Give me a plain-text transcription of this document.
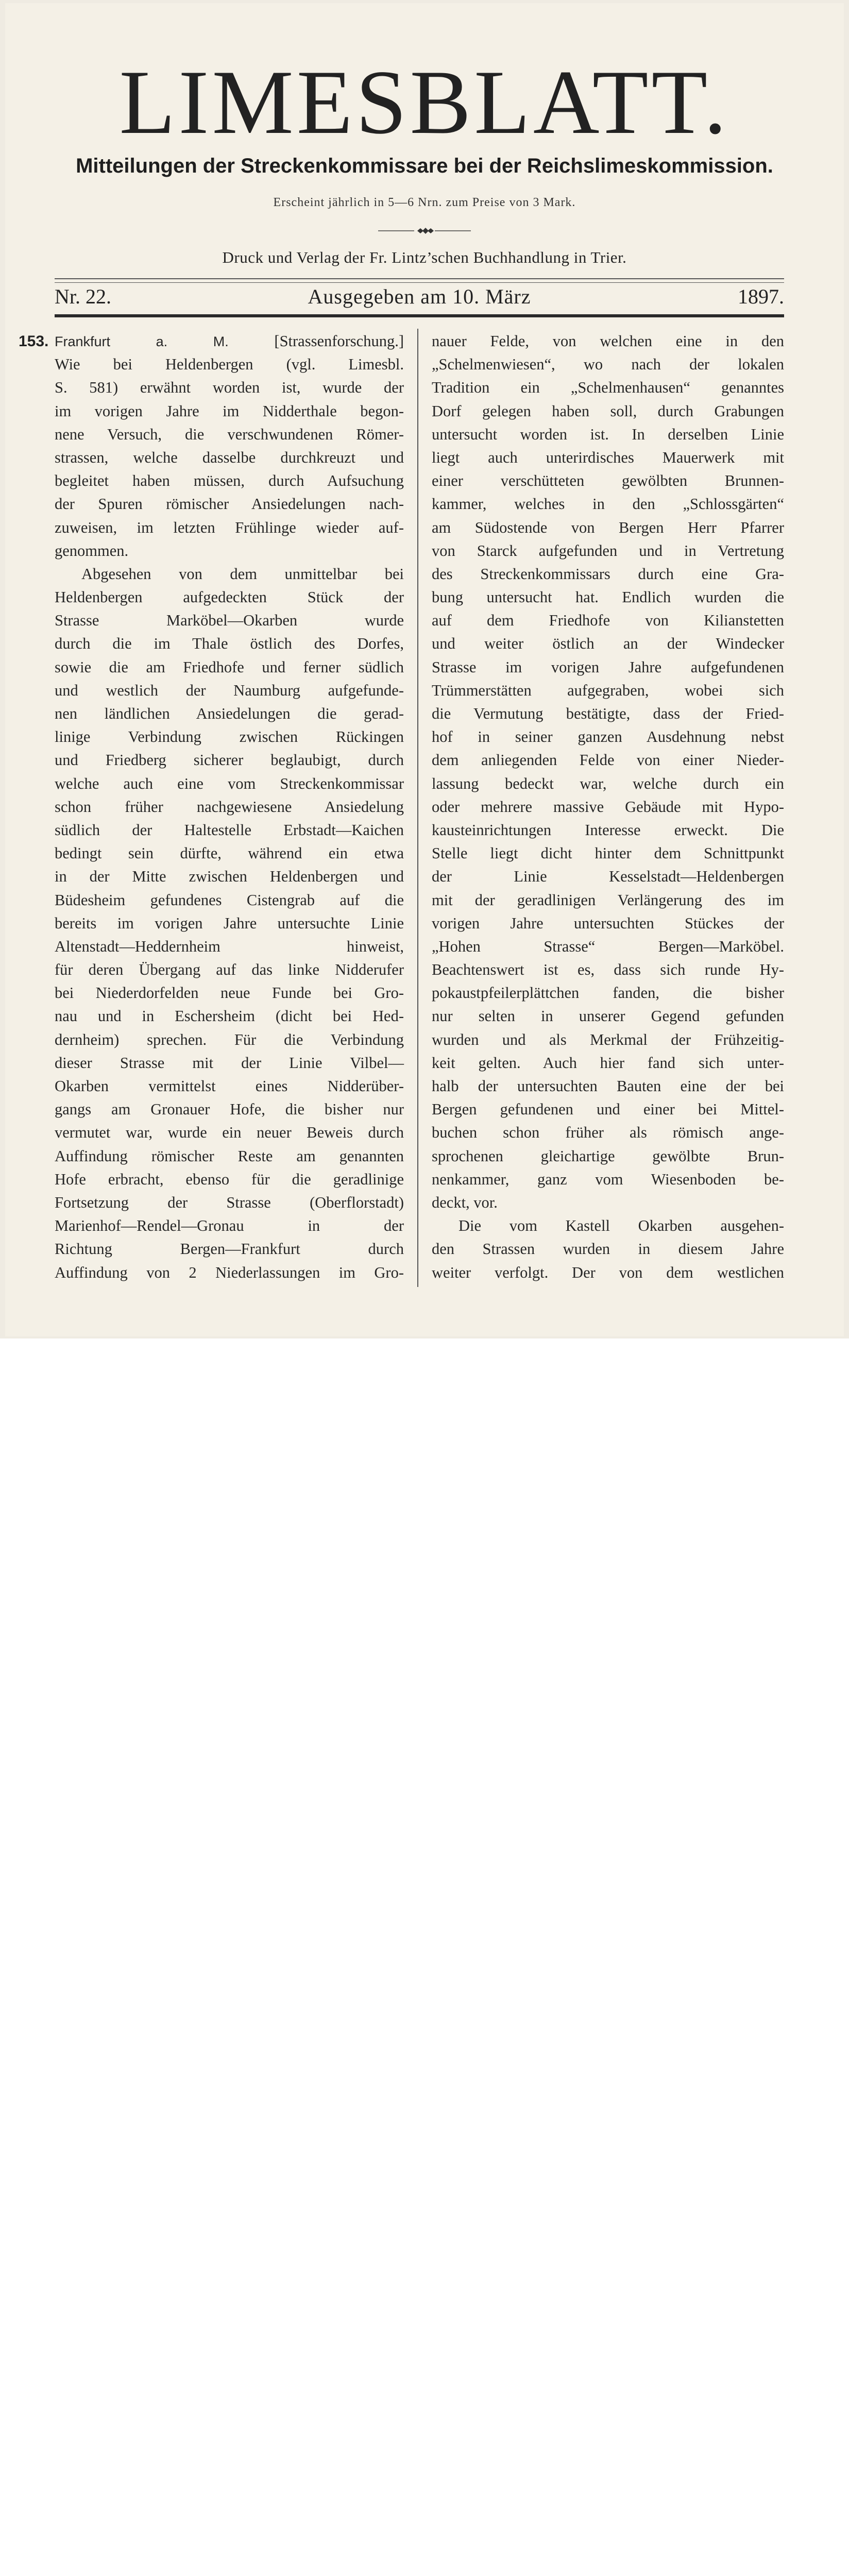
LIMESBLATT.
Mitteilungen der Streckenkommissare bei der Reichslimeskommission.
Erscheint jährlich in 5—6 Nrn. zum Preise von 3 Mark.
Druck und Verlag der Fr. Lintz’schen Buchhandlung in Trier.
Ausgegeben am 10. März
Nr. 22.	1897.
153. Frankfurt a. M. [Strassenforschung.]
Wie bei Heldenbergen (vgl. Limesbl.
S. 581) erwähnt worden ist, wurde der
im vorigen Jahre im Nidderthale begon-
nene Versuch, die verschwundenen Römer-
strassen, welche dasselbe durchkreuzt und
begleitet haben müssen, durch Aufsuchung
der Spuren römischer Ansiedelungen nach-
zuweisen, im letzten Frühlinge wieder auf-
genommen.
Abgesehen von dem unmittelbar bei
Heldenbergen aufgedeckten Stück der
Strasse Marköbel—Okarben wurde
durch die im Thale östlich des Dorfes,
sowie die am Friedhofe und ferner südlich
und westlich der Naumburg aufgefunde-
nen ländlichen Ansiedelungen die gerad-
linige Verbindung zwischen Rückingen
und Friedberg sicherer beglaubigt, durch
welche auch eine vom Streckenkommissar
schon früher nachgewiesene Ansiedelung
südlich der Haltestelle Erbstadt—Kaichen
bedingt sein dürfte, während ein etwa
in der Mitte zwischen Heldenbergen und
Büdesheim gefundenes Cistengrab auf die
bereits im vorigen Jahre untersuchte Linie
Altenstadt—Heddernheim hinweist,
für deren Übergang auf das linke Nidderufer
bei Niederdorfelden neue Funde bei Gro-
nau und in Eschersheim (dicht bei Hed-
dernheim) sprechen. Für die Verbindung
dieser Strasse mit der Linie Vilbel—
Okarben vermittelst eines Nidderüber-
gangs am Gronauer Hofe, die bisher nur
vermutet war, wurde ein neuer Beweis durch
Auffindung römischer Reste am genannten
Hofe erbracht, ebenso für die geradlinige
Fortsetzung der Strasse (Oberflorstadt)
Marienhof—Rendel—Gronau in der
Richtung Bergen—Frankfurt durch
Auffindung von 2 Niederlassungen im Gro-
nauer Felde, von welchen eine in den
„Schelmenwiesen“, wo nach der lokalen
Tradition ein „Schelmenhausen“ genanntes
Dorf gelegen haben soll, durch Grabungen
untersucht worden ist. In derselben Linie
liegt auch unterirdisches Mauerwerk mit
einer verschütteten gewölbten Brunnen-
kammer, welches in den „Schlossgärten“
am Südostende von Bergen Herr Pfarrer
von Starck aufgefunden und in Vertretung
des Streckenkommissars durch eine Gra-
bung untersucht hat. Endlich wurden die
auf dem Friedhofe von Kilianstetten
und weiter östlich an der Windecker
Strasse im vorigen Jahre aufgefundenen
Trümmerstätten aufgegraben, wobei sich
die Vermutung bestätigte, dass der Fried-
hof in seiner ganzen Ausdehnung nebst
dem anliegenden Felde von einer Nieder-
lassung bedeckt war, welche durch ein
oder mehrere massive Gebäude mit Hypo-
kausteinrichtungen Interesse erweckt. Die
Stelle liegt dicht hinter dem Schnittpunkt
der Linie Kesselstadt—Heldenbergen
mit der geradlinigen Verlängerung des im
vorigen Jahre untersuchten Stückes der
„Hohen Strasse“ Bergen—Marköbel.
Beachtenswert ist es, dass sich runde Hy-
pokaustpfeilerplättchen fanden, die bisher
nur selten in unserer Gegend gefunden
wurden und als Merkmal der Frühzeitig-
keit gelten. Auch hier fand sich unter-
halb der untersuchten Bauten eine der bei
Bergen gefundenen und einer bei Mittel-
buchen schon früher als römisch ange-
sprochenen gleichartige gewölbte Brun-
nenkammer, ganz vom Wiesenboden be-
deckt, vor.
Die vom Kastell Okarben ausgehen-
den Strassen wurden in diesem Jahre
weiter verfolgt. Der von dem westlichen
